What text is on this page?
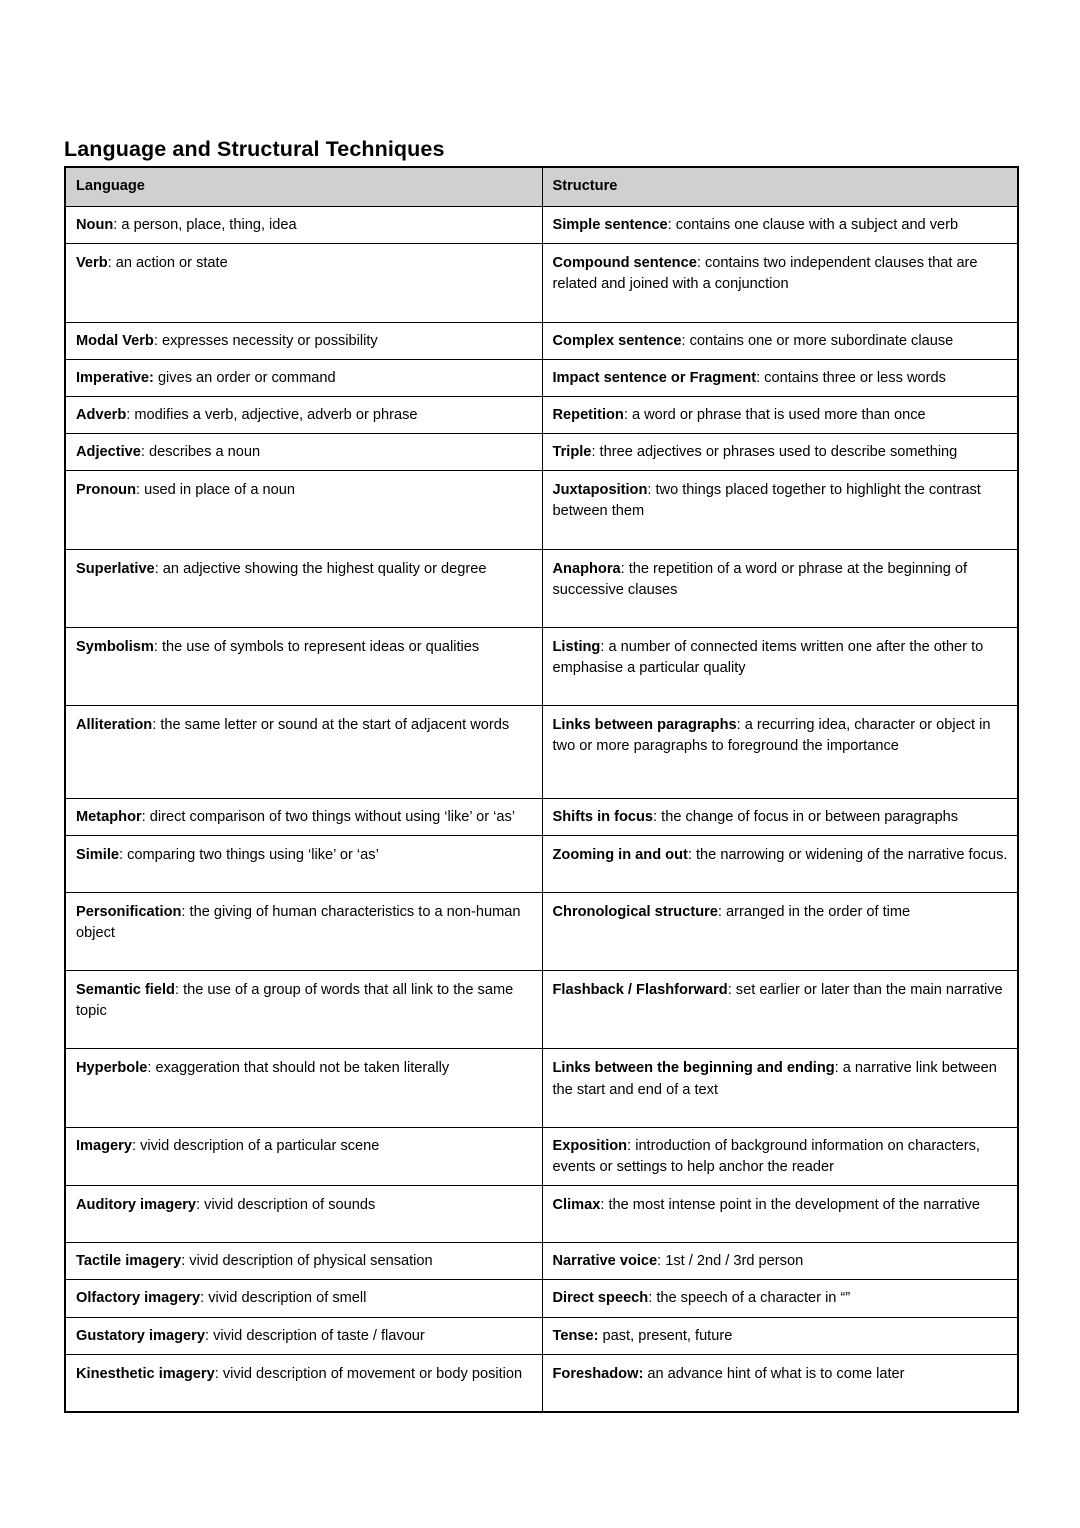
Language and Structural Techniques
Language	Structure
Noun: a person, place, thing, idea	Simple sentence: contains one clause with a subject and verb
Verb: an action or state	Compound sentence: contains two independent clauses that are related and joined with a conjunction
Modal Verb: expresses necessity or possibility	Complex sentence: contains one or more subordinate clause
Imperative: gives an order or command	Impact sentence or Fragment: contains three or less words
Adverb: modifies a verb, adjective, adverb or phrase	Repetition: a word or phrase that is used more than once
Adjective: describes a noun	Triple: three adjectives or phrases used to describe something
Pronoun: used in place of a noun	Juxtaposition: two things placed together to highlight the contrast between them
Superlative: an adjective showing the highest quality or degree	Anaphora: the repetition of a word or phrase at the beginning of successive clauses
Symbolism: the use of symbols to represent ideas or qualities	Listing: a number of connected items written one after the other to emphasise a particular quality
Alliteration: the same letter or sound at the start of adjacent words	Links between paragraphs: a recurring idea, character or object in two or more paragraphs to foreground the importance
Metaphor: direct comparison of two things without using ‘like’ or ‘as’	Shifts in focus: the change of focus in or between paragraphs
Simile: comparing two things using ‘like’ or ‘as’	Zooming in and out: the narrowing or widening of the narrative focus.
Personification: the giving of human characteristics to a non-human object	Chronological structure: arranged in the order of time
Semantic field: the use of a group of words that all link to the same topic	Flashback / Flashforward: set earlier or later than the main narrative
Hyperbole: exaggeration that should not be taken literally	Links between the beginning and ending: a narrative link between the start and end of a text
Imagery: vivid description of a particular scene	Exposition: introduction of background information on characters, events or settings to help anchor the reader
Auditory imagery: vivid description of sounds	Climax: the most intense point in the development of the narrative
Tactile imagery: vivid description of physical sensation	Narrative voice: 1st / 2nd / 3rd person
Olfactory imagery: vivid description of smell	Direct speech: the speech of a character in “”
Gustatory imagery: vivid description of taste / flavour	Tense: past, present, future
Kinesthetic imagery: vivid description of movement or body position	Foreshadow: an advance hint of what is to come later
